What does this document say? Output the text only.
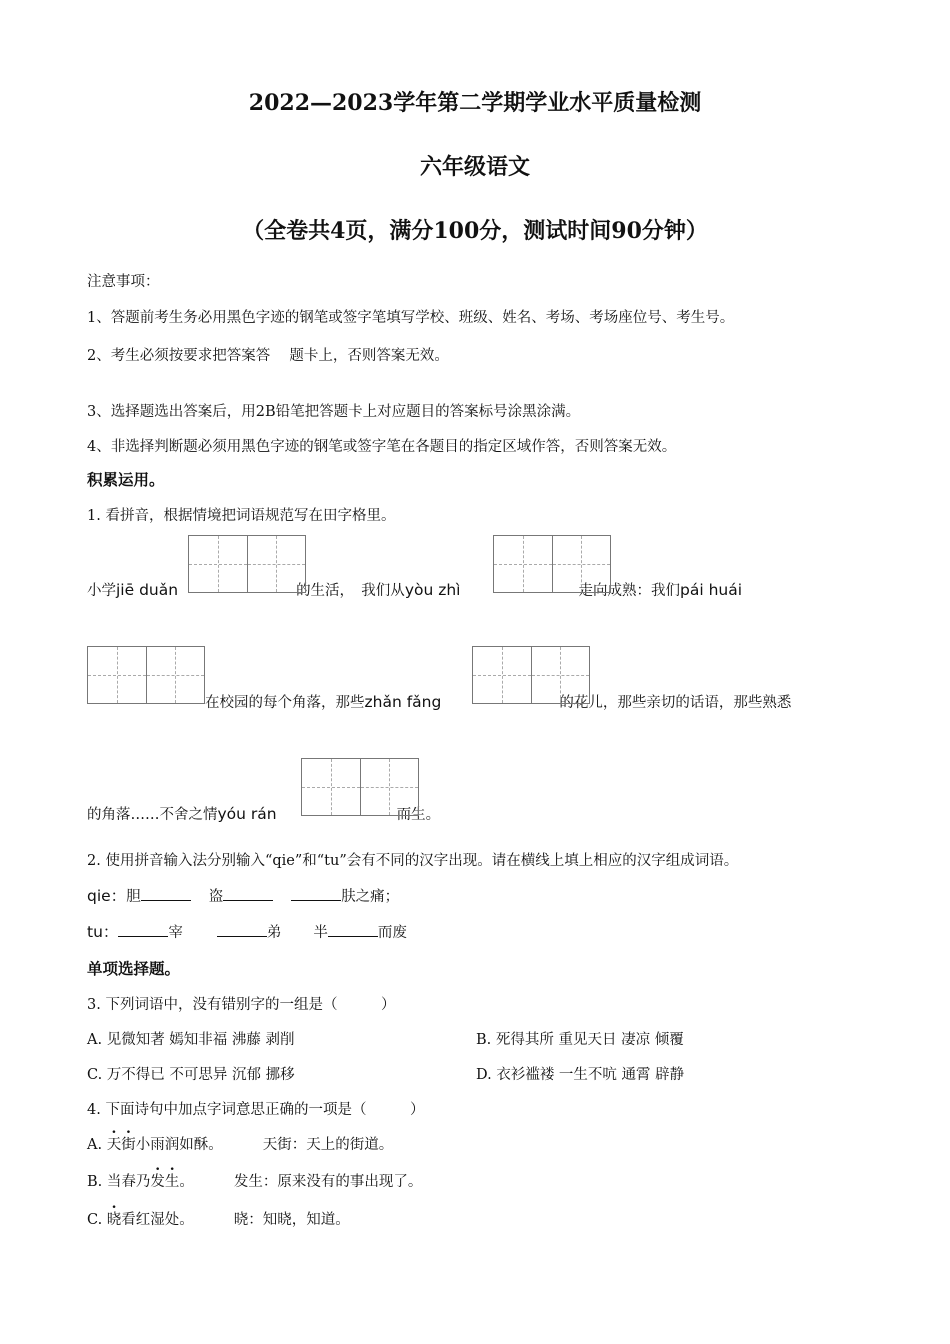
2022—2023学年第二学期学业水平质量检测
六年级语文
（全卷共4页，满分100分，测试时间90分钟）
注意事项：
1、答题前考生务必用黑色字迹的钢笔或签字笔填写学校、班级、姓名、考场、考场座位号、考生号。
2、考生必须按要求把答案答　 题卡上，否则答案无效。
3、选择题选出答案后，用2B铅笔把答题卡上对应题目的答案标号涂黑涂满。
4、非选择判断题必须用黑色字迹的钢笔或签字笔在各题目的指定区域作答，否则答案无效。
积累运用。
1. 看拼音，根据情境把词语规范写在田字格里。
小学jiē duǎn	的生活，　我们从yòu zhì	走向成熟：我们pái huái
在校园的每个角落，那些zhǎn fǎng	的花儿，那些亲切的话语，那些熟悉
的角落……不舍之情yóu rán	而生。
2. 使用拼音输入法分别输入“qie”和“tu”会有不同的汉字出现。请在横线上填上相应的汉字组成词语。
qie：胆	盗	肤之痛；
tu：	宰	弟 半	而废
单项选择题。
3. 下列词语中，没有错别字的一组是（　　　）
A. 见微知著 嫣知非福 沸藤 剥削	B. 死得其所 重见天日 凄凉 倾覆
C. 万不得已 不可思异 沉郁 挪移	D. 衣衫褴褛 一生不吭 通霄 辟静
4. 下面诗句中加点字词意思正确的一项是（　　　）
A. 天街小雨润如酥。	天街：天上的街道。
B. 当春乃发生。	发生：原来没有的事出现了。
C. 晓看红湿处。	晓：知晓，知道。
